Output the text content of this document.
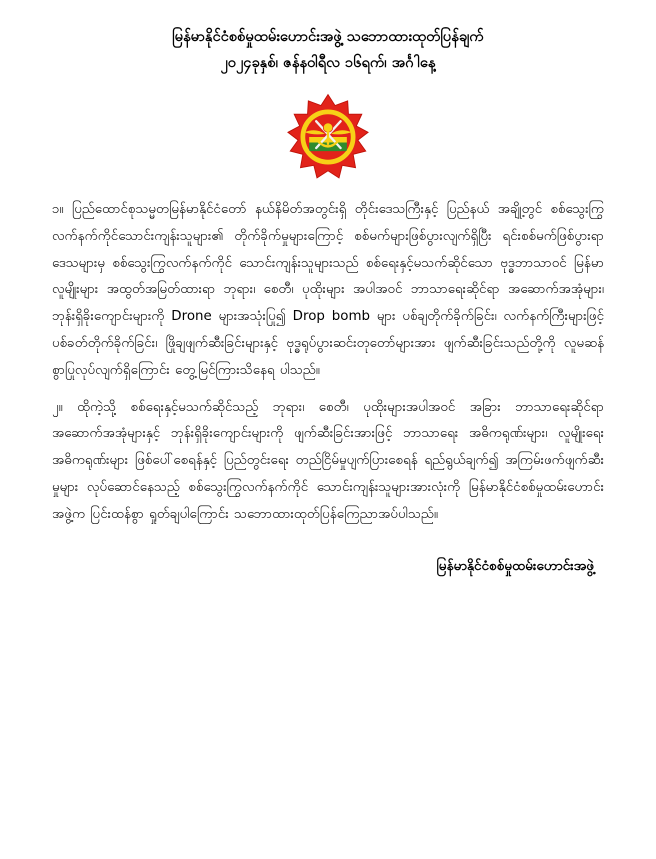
မြန်မာနိုင်ငံစစ်မှုထမ်းဟောင်းအဖွဲ့ သဘောထားထုတ်ပြန်ချက်
၂၀၂၄ခုနှစ်၊ ဇန်နဝါရီလ ၁၆ရက်၊ အင်္ဂါနေ့

၁။ ပြည်ထောင်စုသမ္မတမြန်မာနိုင်ငံတော် နယ်နိမိတ်အတွင်းရှိ တိုင်းဒေသကြီးနှင့် ပြည်နယ် အချို့တွင် စစ်သွေးကြွလက်နက်ကိုင်သောင်းကျန်းသူများ၏ တိုက်ခိုက်မှုများကြောင့် စစ်မက်များဖြစ်ပွားလျက်ရှိပြီး ရင်းစစ်မက်ဖြစ်ပွားရာ ဒေသများမှ စစ်သွေးကြွလက်နက်ကိုင် သောင်းကျန်းသူများသည် စစ်ရေးနှင့်မသက်ဆိုင်သော ဗုဒ္ဓဘာသာဝင် မြန်မာလူမျိုးများ အထွတ်အမြတ်ထားရာ ဘုရား၊ စေတီ၊ ပုထိုးများ အပါအဝင် ဘာသာရေးဆိုင်ရာ အဆောက်အအုံများ၊ ဘုန်းရှိခိုးကျောင်းများကို Drone များအသုံးပြု၍ Drop bomb များ ပစ်ချတိုက်ခိုက်ခြင်း၊ လက်နက်ကြီးများဖြင့် ပစ်ခတ်တိုက်ခိုက်ခြင်း၊ ဖြိုချဖျက်ဆီးခြင်းများနှင့် ဗုဒ္ဓရုပ်ပွားဆင်းတုတော်များအား ဖျက်ဆီးခြင်းသည်တို့ကို လူမဆန်စွာပြုလုပ်လျက်ရှိကြောင်း တွေ့မြင်ကြားသိနေရ ပါသည်။

၂။ ထိုကဲ့သို့ စစ်ရေးနှင့်မသက်ဆိုင်သည့် ဘုရား၊ စေတီ၊ ပုထိုးများအပါအဝင် အခြား ဘာသာရေးဆိုင်ရာ အဆောက်အအုံများနှင့် ဘုန်းရှိခိုးကျောင်းများကို ဖျက်ဆီးခြင်းအားဖြင့် ဘာသာရေး အဓိကရုဏ်းများ၊ လူမျိုးရေး အဓိကရုဏ်းများ ဖြစ်ပေါ်စေရန်နှင့် ပြည်တွင်းရေး တည်ငြိမ်မှုပျက်ပြားစေရန် ရည်ရွယ်ချက်၍ အကြမ်းဖက်ဖျက်ဆီးမှုများ လုပ်ဆောင်နေသည့် စစ်သွေးကြွလက်နက်ကိုင် သောင်းကျန်းသူများအားလုံးကို မြန်မာနိုင်ငံစစ်မှုထမ်းဟောင်းအဖွဲ့က ပြင်းထန်စွာ ရှုတ်ချပါကြောင်း သဘောထားထုတ်ပြန်ကြေညာအပ်ပါသည်။

မြန်မာနိုင်ငံစစ်မှုထမ်းဟောင်းအဖွဲ့
